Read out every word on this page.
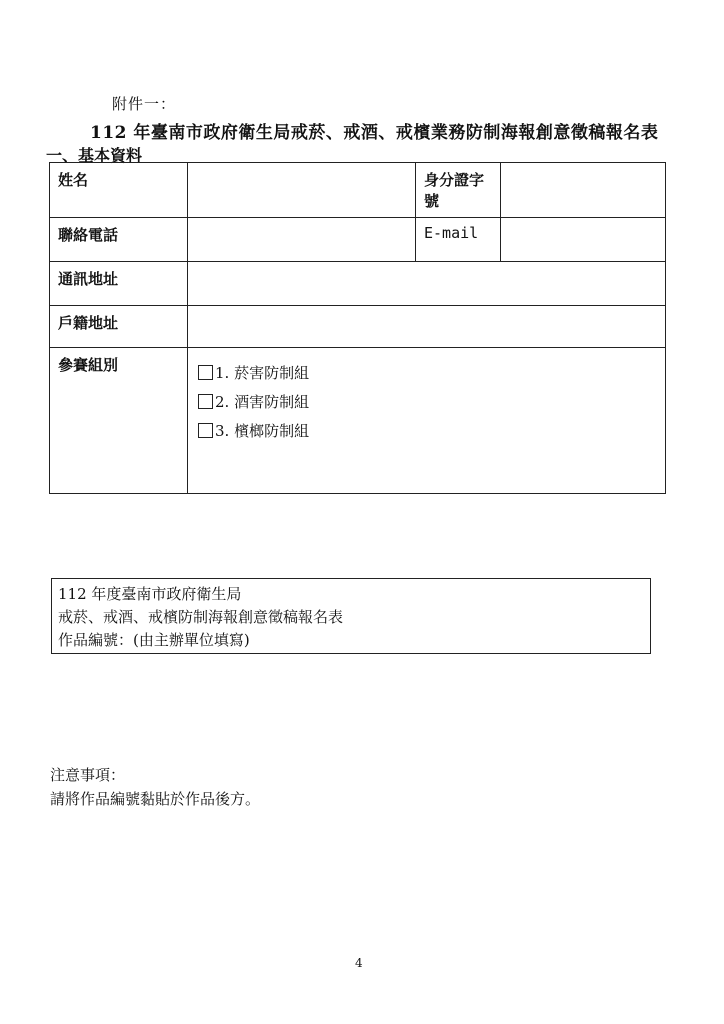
附件一：
112 年臺南市政府衛生局戒菸、戒酒、戒檳業務防制海報創意徵稿報名表
一、基本資料
姓名		身分證字號	
聯絡電話		E-mail	
通訊地址			
戶籍地址			
參賽組別	1. 菸害防制組
2. 酒害防制組
3. 檳榔防制組		
112 年度臺南市政府衛生局
戒菸、戒酒、戒檳防制海報創意徵稿報名表
作品編號：(由主辦單位填寫)
注意事項：
請將作品編號黏貼於作品後方。
4
